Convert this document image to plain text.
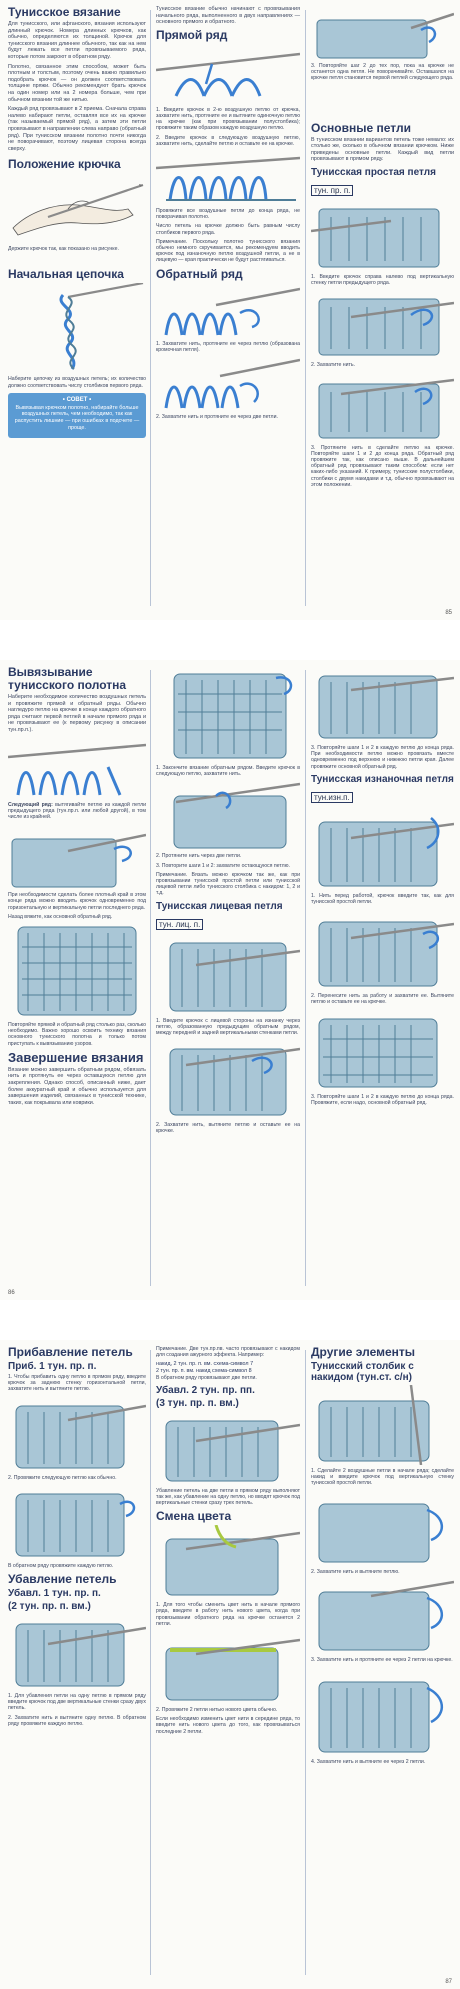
Тунисское вязание

Для тунисского, или афганского, вязания используют длинный крючок. Номера длинных крючков, как обычно, определяются их толщиной. Крючок для тунисского вязания длиннее обычного, так как на нем будут лежать все петли провязываемого ряда, которые потом закроют в обратном ряду.

Полотно, связанное этим способом, может быть плотным и толстым, поэтому очень важно правильно подобрать крючок — он должен соответствовать толщине пряжи. Обычно рекомендуют брать крючок на один номер или на 2 номера больше, чем при обычном вязании той же нитью.

Каждый ряд провязывают в 2 приема. Сначала справа налево набирают петли, оставляя все их на крючке (так называемый прямой ряд), а затем эти петли провязывают в направлении слева направо (обратный ряд). При тунисском вязании полотно почти никогда не поворачивают, поэтому лицевая сторона всегда сверху.

Положение крючка

Держите крючок так, как показано на рисунке.

Начальная цепочка

Наберите цепочку из воздушных петель; их количество должно соответствовать числу столбиков первого ряда.

• СОВЕТ •

Вывязывая крючком полотно, набирайте больше воздушных петель, чем необходимо, так как распустить лишние — при ошибках в подсчете — проще.

Тунисское вязание обычно начинают с провязывания начального ряда, выполненного в двух направлениях — основного прямого и обратного.

Прямой ряд

1. Введите крючок в 2-ю воздушную петлю от крючка, захватите нить, протяните ее и вытяните одиночную петлю на крючке (как при провязывании полустолбика); провяжите таким образом каждую воздушную петлю.

2. Введите крючок в следующую воздушную петлю, захватите нить, сделайте петлю и оставьте ее на крючке.

Провяжите все воздушные петли до конца ряда, не поворачивая полотно.

Число петель на крючке должно быть равным числу столбиков первого ряда.

Примечание. Поскольку полотно тунисского вязания обычно немного скручивается, мы рекомендуем вводить крючок под изнаночную петлю воздушной петли, а не в лицевую — края практически не будут растягиваться.

Обратный ряд

1. Захватите нить, протяните ее через петлю (образована кромочная петля).

2. Захватите нить и протяните ее через две петли.

3. Повторяйте шаг 2 до тех пор, пока на крючке не останется одна петля. Не поворачивайте. Оставшаяся на крючке петля становится первой петлей следующего ряда.

Основные петли

В тунисском вязании вариантов петель тоже немало: их столько же, сколько в обычном вязании крючком. Ниже приведены основные петли. Каждый вид петли провязывают в прямом ряду.

Тунисская простая петля
тун. пр. п.

1. Введите крючок справа налево под вертикальную стенку петли предыдущего ряда.

2. Захватите нить.

3. Протяните нить в сделайте петлю на крючке. Повторяйте шаги 1 и 2 до конца ряда. Обратный ряд провяжите так, как описано выше. В дальнейшем обратный ряд провязывают таким способом: если нет каких-либо указаний. К примеру, тунисские полустолбики, столбики с двумя накидами и т.д. обычно провязывают на этом положении.

85
Вывязывание тунисского полотна

Наберите необходимое количество воздушных петель и провяжите прямой и обратный ряды. Обычно нагледуро петлю на крючке в конце каждого обратного ряда считают первой петлей в начале прямого ряда и не провязывают ее (к первому рисунку в описании тун.пр.п.).

Следующий ряд: вытягивайте петлю из каждой петли предыдущего ряда (тун.пр.п. или любой другой), в том числе из крайней.

При необходимости сделать более плотный край в этом конце ряда можно вводить крючок одновременно под горизонтальную и вертикальную петли последнего ряда.

Назад вяжите, как основной обратный ряд.

Повторяйте прямой и обратный ряд столько раз, сколько необходимо. Важно хорошо освоить технику вязания основного тунисского полотна и только потом приступать к вывязыванию узоров.

Завершение вязания

Вязание можно завершить обратным рядом, обвязать нить и протянуть ее через оставшуюся петлю для закрепления. Однако способ, описанный ниже, дает более аккуратный край и обычно используется для завершения изделий, связанных в тунисской технике, таких, как покрывала или коврики.

1. Закончите вязание обратным рядом. Введите крючок в следующую петлю, захватите нить.

2. Протяните нить через две петли.

3. Повторите шаги 1 и 2: захватите остающуюся петлю.

Примечание. Вязать можно крючком так же, как при провязывании тунисской простой петли или тунисской лицевой петли либо тунисского столбика с накидом: 1, 2 и т.д.

Тунисская лицевая петля
тун. лиц. п.

1. Введите крючок с лицевой стороны на изнанку через петлю, образованную предыдущим обратным рядом, между передней и задней вертикальными стенками петли.

2. Захватите нить, вытяните петлю и оставьте ее на крючке.

3. Повторяйте шаги 1 и 2 в каждую петлю до конца ряда. При необходимости петлю можно провязать вместе одновременно под верхнюю и нижнюю петли края. Далее провяжите основной обратный ряд.

Тунисская изнаночная петля
тун.изн.п.

1. Нить перед работой, крючок введите так, как для тунисской простой петли.

2. Перенесите нить за работу и захватите ее. Вытяните петлю и оставьте ее на крючке.

3. Повторяйте шаги 1 и 2 в каждую петлю до конца ряда. Провяжите, если надо, основной обратный ряд.

86
Прибавление петель
Приб. 1 тун. пр. п.

1. Чтобы прибавить одну петлю в прямом ряду, введите крючок за заднюю стенку горизонтальной петли, захватите нить и вытяните петлю.

2. Провяжите следующую петлю как обычно.

В обратном ряду провяжите каждую петлю.

Убавление петель
Убавл. 1 тун. пр. п.
(2 тун. пр. п. вм.)

1. Для убавления петли на одну петлю в прямом ряду введите крючок под две вертикальные стенки сразу двух петель.

2. Захватите нить и вытяните одну петлю. В обратном ряду провяжите каждую петлю.

Примечание. Две тун.пр.пв. часто провязывают с накидом для создания ажурного эффекта. Например:

накид, 2 тун. пр. п. вм. схема-символ 7
2 тун. пр. п. вм. накид схема-символ 8

В обратном ряду провязывают две петли.

Убавл. 2 тун. пр. пп.
(3 тун. пр. п. вм.)

Убавление петель на две петли в прямом ряду выполняют так же, как убавление на одну петлю, но вводят крючок под вертикальные стенки сразу трех петель.

Смена цвета

1. Для того чтобы сменить цвет нить в начале прямого ряда, введите в работу нить нового цвета, когда при провязывании обратного ряда на крючке останется 2 петли.

2. Провяжите 2 петли нитью нового цвета обычно.

Если необходимо изменить цвет нити в середине ряда, то введите нить нового цвета до того, как провязываться последние 2 петли.

Другие элементы
Тунисский столбик с накидом (тун.ст. с/н)

1. Сделайте 2 воздушные петли в начале ряда; сделайте накид и введите крючок под вертикальную стенку тунисской простой петли.

2. Захватите нить и вытяните петлю.

3. Захватите нить и протяните ее через 2 петли на крючке.

4. Захватите нить и вытяните ее через 2 петли.

87
